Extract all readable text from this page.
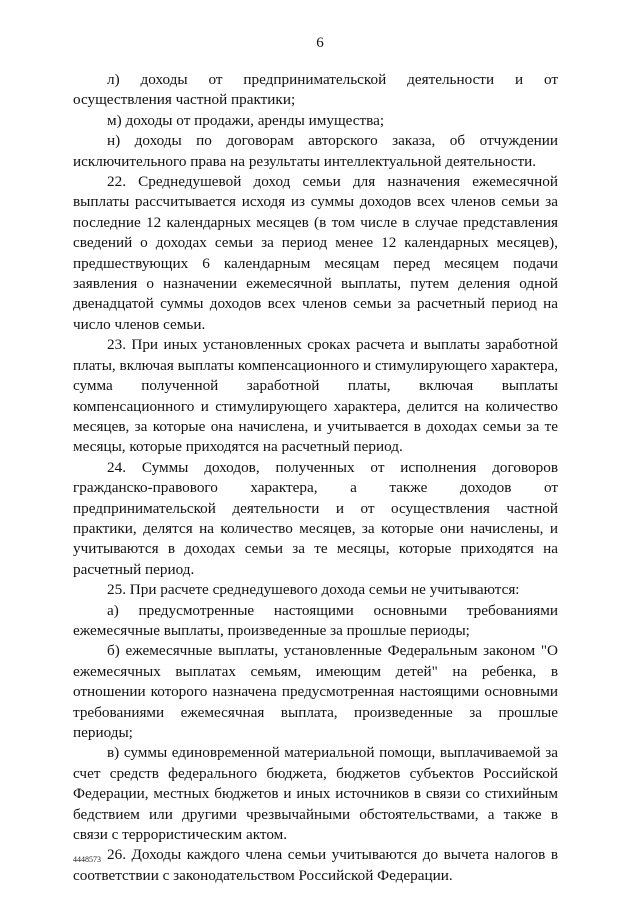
6

л) доходы от предпринимательской деятельности и от осуществления частной практики;

м) доходы от продажи, аренды имущества;

н) доходы по договорам авторского заказа, об отчуждении исключительного права на результаты интеллектуальной деятельности.

22. Среднедушевой доход семьи для назначения ежемесячной выплаты рассчитывается исходя из суммы доходов всех членов семьи за последние 12 календарных месяцев (в том числе в случае представления сведений о доходах семьи за период менее 12 календарных месяцев), предшествующих 6 календарным месяцам перед месяцем подачи заявления о назначении ежемесячной выплаты, путем деления одной двенадцатой суммы доходов всех членов семьи за расчетный период на число членов семьи.

23. При иных установленных сроках расчета и выплаты заработной платы, включая выплаты компенсационного и стимулирующего характера, сумма полученной заработной платы, включая выплаты компенсационного и стимулирующего характера, делится на количество месяцев, за которые она начислена, и учитывается в доходах семьи за те месяцы, которые приходятся на расчетный период.

24. Суммы доходов, полученных от исполнения договоров гражданско-правового характера, а также доходов от предпринимательской деятельности и от осуществления частной практики, делятся на количество месяцев, за которые они начислены, и учитываются в доходах семьи за те месяцы, которые приходятся на расчетный период.

25. При расчете среднедушевого дохода семьи не учитываются:

а) предусмотренные настоящими основными требованиями ежемесячные выплаты, произведенные за прошлые периоды;

б) ежемесячные выплаты, установленные Федеральным законом "О ежемесячных выплатах семьям, имеющим детей" на ребенка, в отношении которого назначена предусмотренная настоящими основными требованиями ежемесячная выплата, произведенные за прошлые периоды;

в) суммы единовременной материальной помощи, выплачиваемой за счет средств федерального бюджета, бюджетов субъектов Российской Федерации, местных бюджетов и иных источников в связи со стихийным бедствием или другими чрезвычайными обстоятельствами, а также в связи с террористическим актом.

26. Доходы каждого члена семьи учитываются до вычета налогов в соответствии с законодательством Российской Федерации.

4448573
